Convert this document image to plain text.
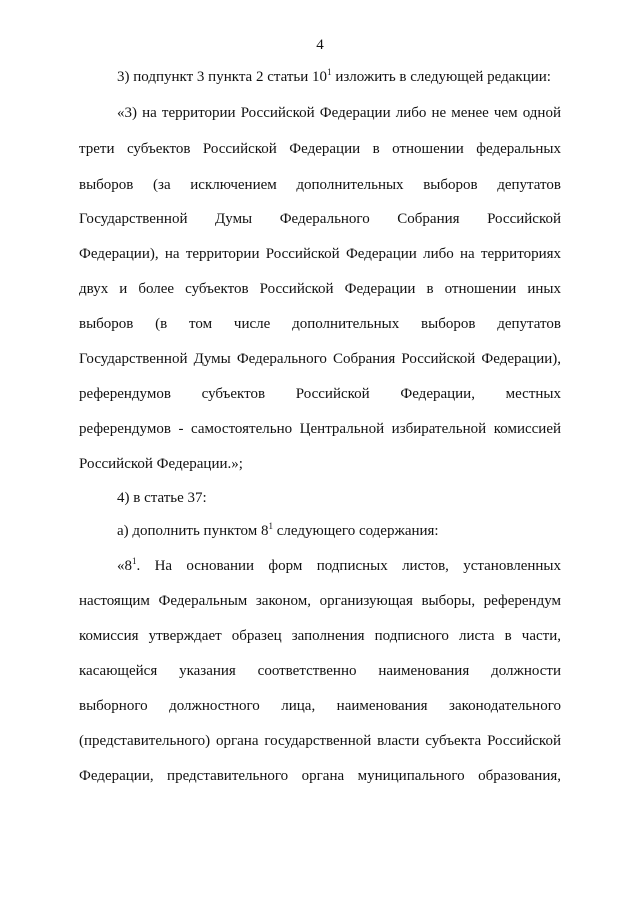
4
3) подпункт 3 пункта 2 статьи $10^1$ изложить в следующей редакции:
«3) на территории Российской Федерации либо не менее чем одной
трети субъектов Российской Федерации в отношении федеральных
выборов (за исключением дополнительных выборов депутатов
Государственной Думы Федерального Собрания Российской
Федерации), на территории Российской Федерации либо на территориях
двух и более субъектов Российской Федерации в отношении иных
выборов (в том числе дополнительных выборов депутатов
Государственной Думы Федерального Собрания Российской Федерации),
референдумов субъектов Российской Федерации, местных
референдумов - самостоятельно Центральной избирательной комиссией
Российской Федерации.»;
4) в статье 37:
а) дополнить пунктом $8^1$ следующего содержания:
«$8^1$. На основании форм подписных листов, установленных
настоящим Федеральным законом, организующая выборы, референдум
комиссия утверждает образец заполнения подписного листа в части,
касающейся указания соответственно наименования должности
выборного должностного лица, наименования законодательного
(представительного) органа государственной власти субъекта Российской
Федерации, представительного органа муниципального образования,
